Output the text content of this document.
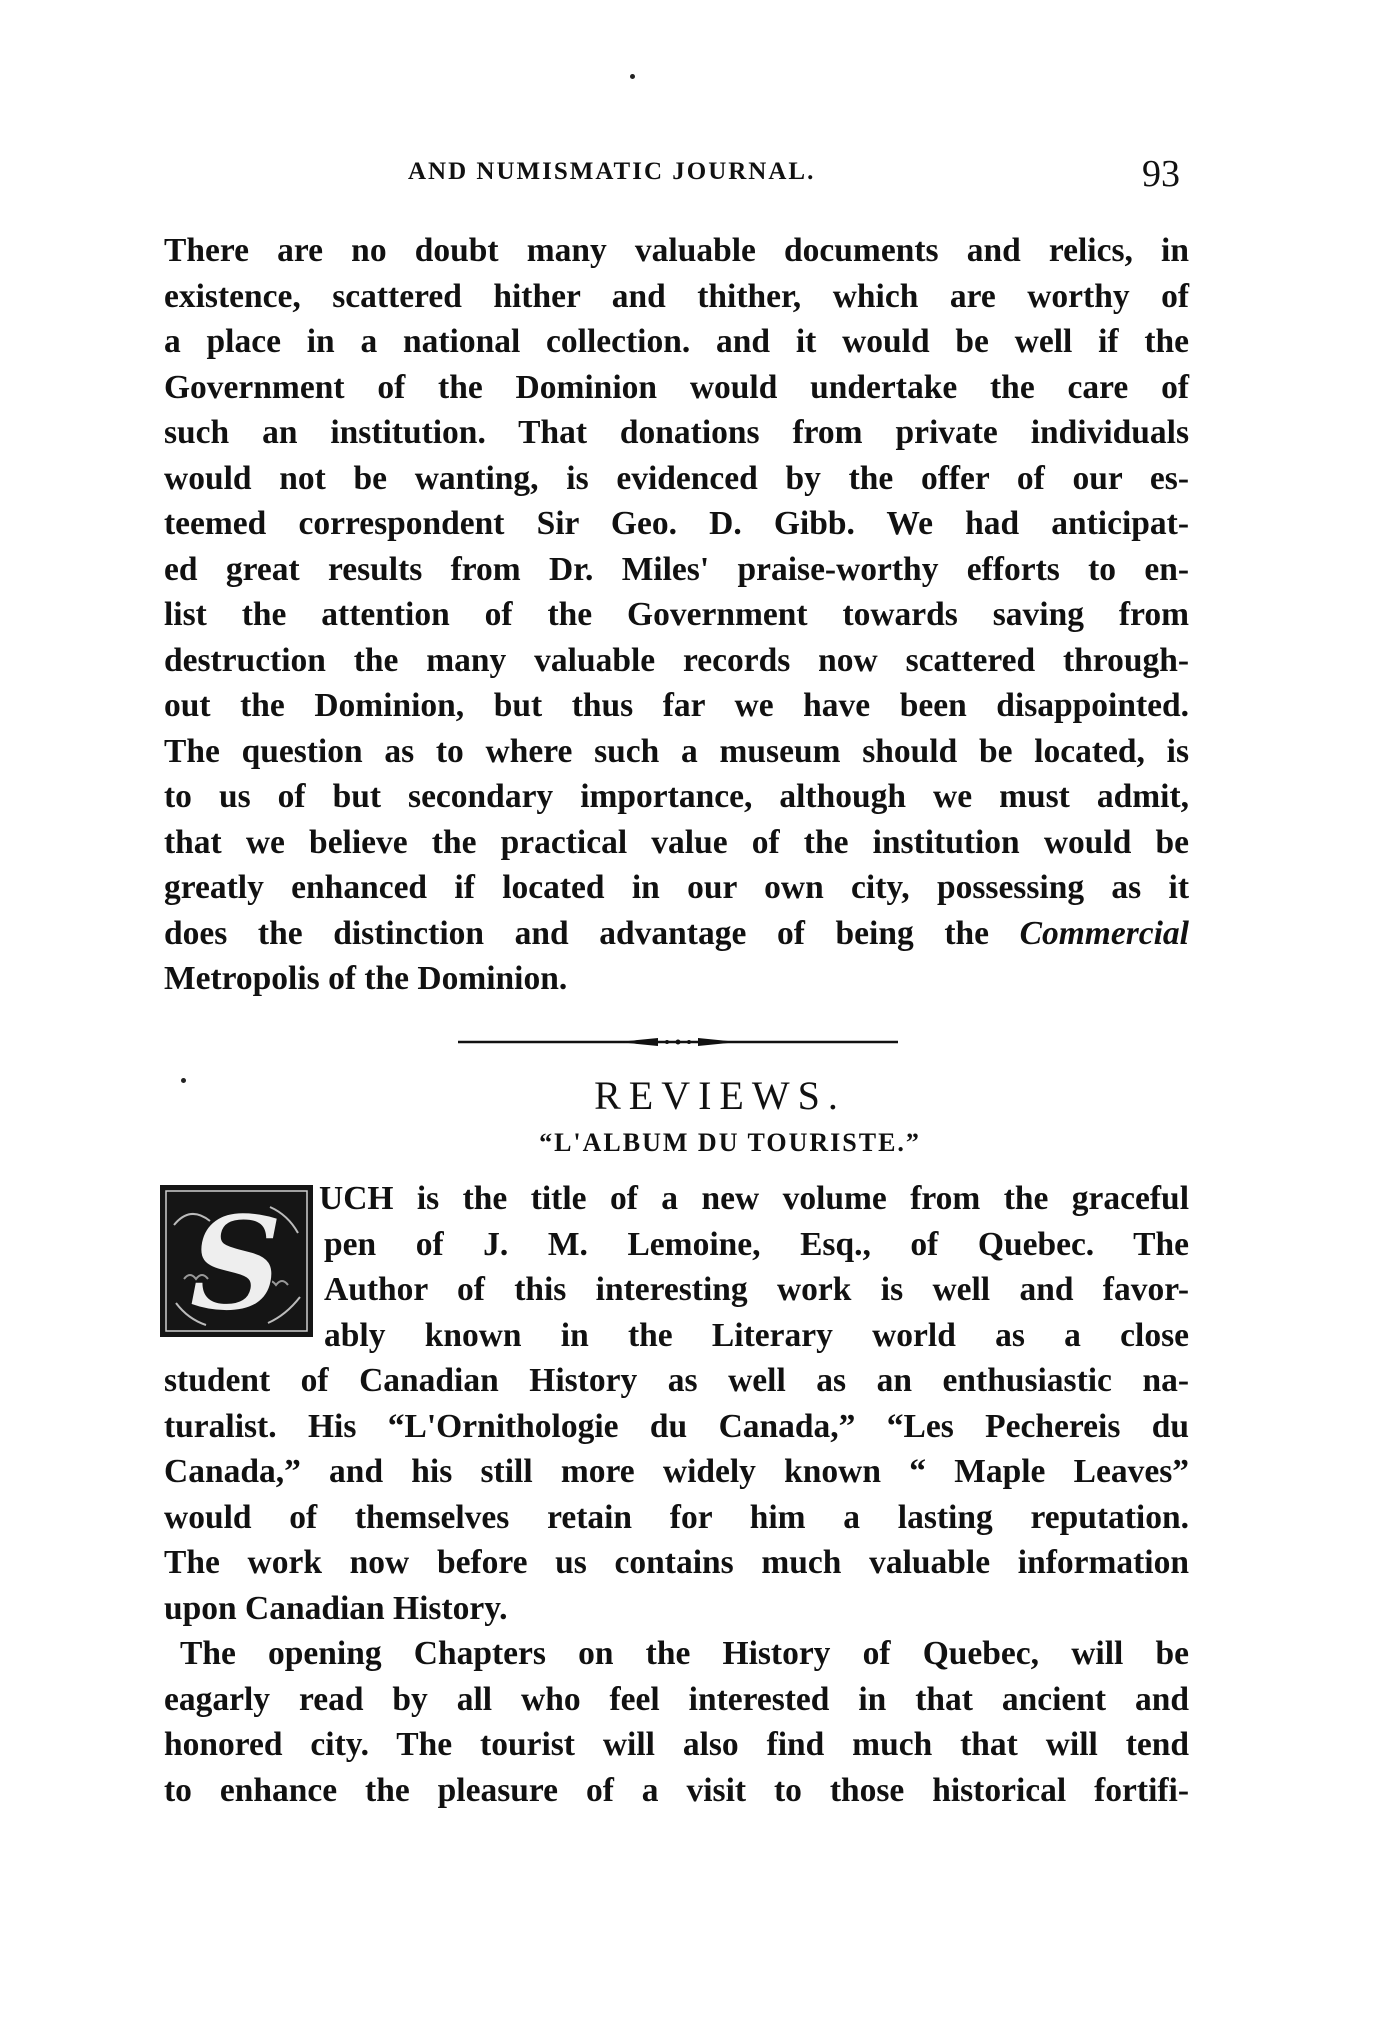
AND NUMISMATIC JOURNAL.	93
There are no doubt many valuable documents and relics, in
existence, scattered hither and thither, which are worthy of
a place in a national collection. and it would be well if the
Government of the Dominion would undertake the care of
such an institution. That donations from private individuals
would not be wanting, is evidenced by the offer of our es-
teemed correspondent Sir Geo. D. Gibb. We had anticipat-
ed great results from Dr. Miles' praise-worthy efforts to en-
list the attention of the Government towards saving from
destruction the many valuable records now scattered through-
out the Dominion, but thus far we have been disappointed.
The question as to where such a museum should be located, is
to us of but secondary importance, although we must admit,
that we believe the practical value of the institution would be
greatly enhanced if located in our own city, possessing as it
does the distinction and advantage of being the Commercial
Metropolis of the Dominion.
REVIEWS.
“L'ALBUM DU TOURISTE.”
S	UCH is the title of a new volume from the graceful
pen of J. M. Lemoine, Esq., of Quebec. The
Author of this interesting work is well and favor-
ably known in the Literary world as a close
student of Canadian History as well as an enthusiastic na-
turalist. His “L'Ornithologie du Canada,” “Les Pechereis du
Canada,” and his still more widely known “ Maple Leaves”
would of themselves retain for him a lasting reputation.
The work now before us contains much valuable information
upon Canadian History.
The opening Chapters on the History of Quebec, will be
eagarly read by all who feel interested in that ancient and
honored city. The tourist will also find much that will tend
to enhance the pleasure of a visit to those historical fortifi-
